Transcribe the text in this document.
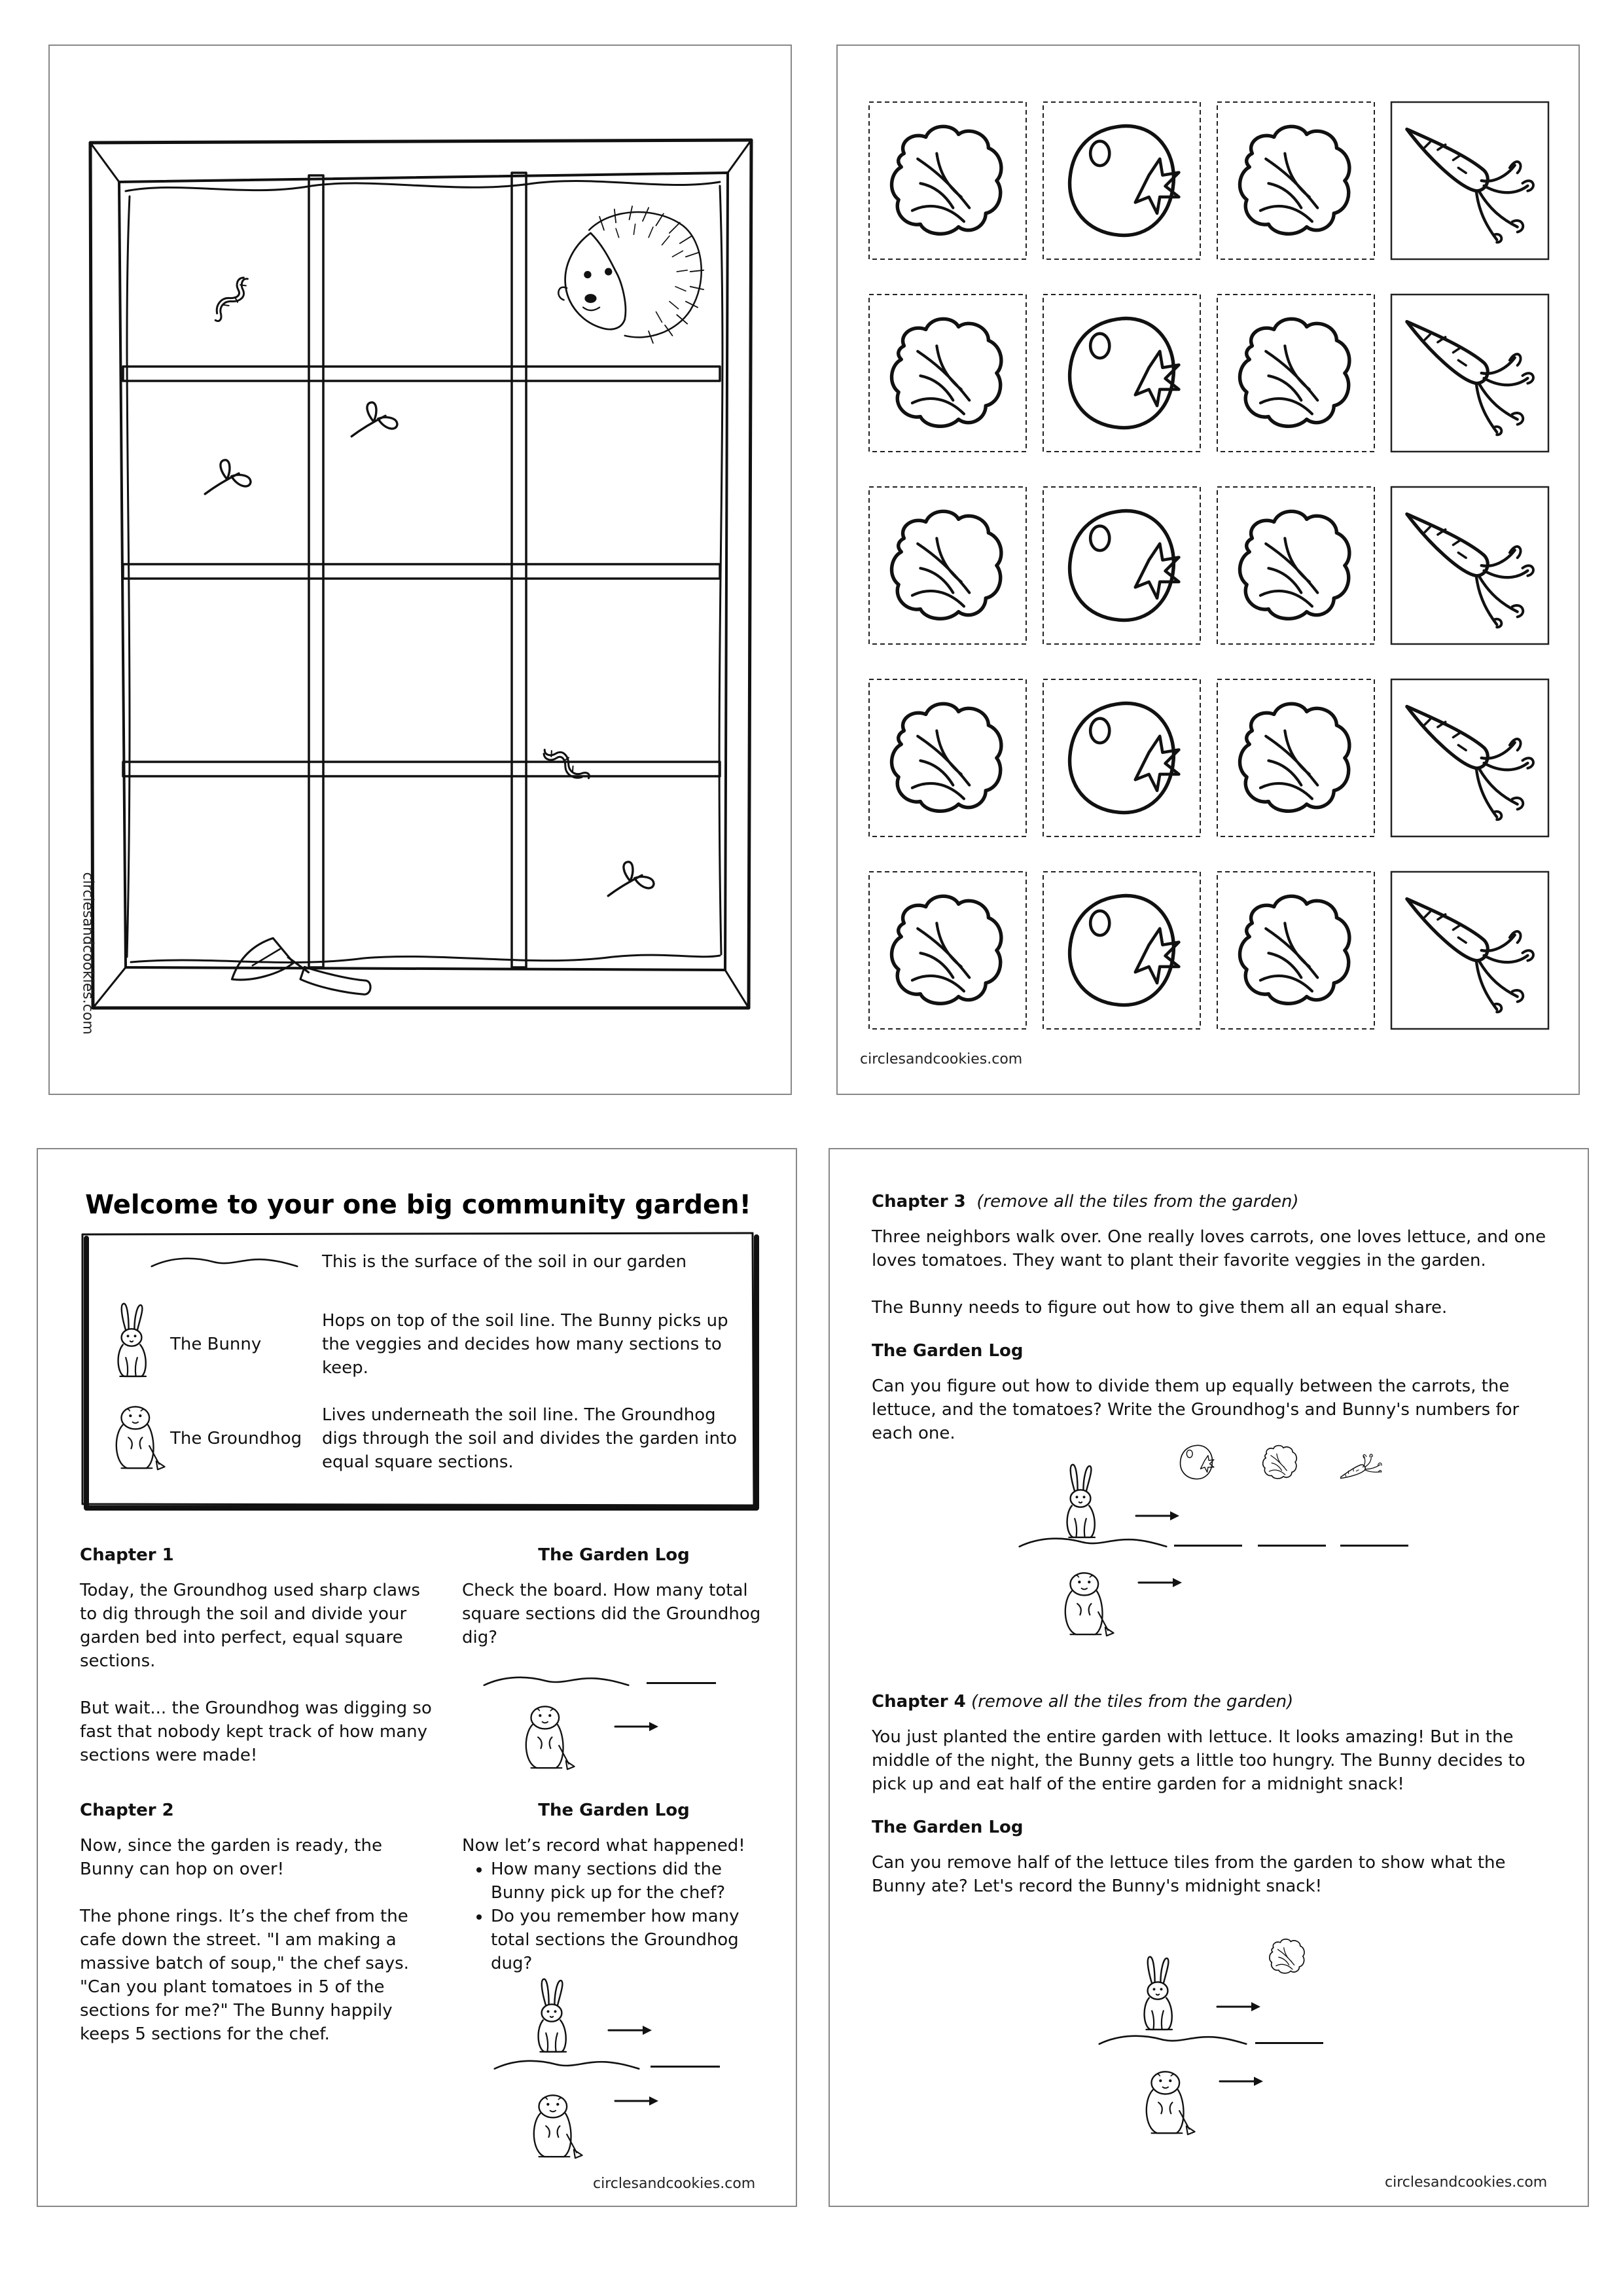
circlesandcookies.com
circlesandcookies.com
Welcome to your one big community garden!
This is the surface of the soil in our garden
The Bunny
Hops on top of the soil line. The Bunny picks up the veggies and decides how many sections to keep.
The Groundhog
Lives underneath the soil line. The Groundhog digs through the soil and divides the garden into equal square sections.
Chapter 1

Today, the Groundhog used sharp claws to dig through the soil and divide your garden bed into perfect, equal square sections.

But wait... the Groundhog was digging so fast that nobody kept track of how many sections were made!

The Garden Log
Check the board. How many total square sections did the Groundhog dig?
Chapter 2

Now, since the garden is ready, the Bunny can hop on over!

The phone rings. It’s the chef from the cafe down the street. "I am making a massive batch of soup," the chef says. "Can you plant tomatoes in 5 of the sections for me?" The Bunny happily keeps 5 sections for the chef.

The Garden Log
Now let’s record what happened!
• How many sections did the Bunny pick up for the chef?
• Do you remember how many total sections the Groundhog dug?
circlesandcookies.com
Chapter 3 (remove all the tiles from the garden)

Three neighbors walk over. One really loves carrots, one loves lettuce, and one loves tomatoes. They want to plant their favorite veggies in the garden.

The Bunny needs to figure out how to give them all an equal share.

The Garden Log
Can you figure out how to divide them up equally between the carrots, the lettuce, and the tomatoes? Write the Groundhog's and Bunny's numbers for each one.
Chapter 4 (remove all the tiles from the garden)
You just planted the entire garden with lettuce. It looks amazing! But in the middle of the night, the Bunny gets a little too hungry. The Bunny decides to pick up and eat half of the entire garden for a midnight snack!
The Garden Log
Can you remove half of the lettuce tiles from the garden to show what the Bunny ate? Let's record the Bunny's midnight snack!
circlesandcookies.com
